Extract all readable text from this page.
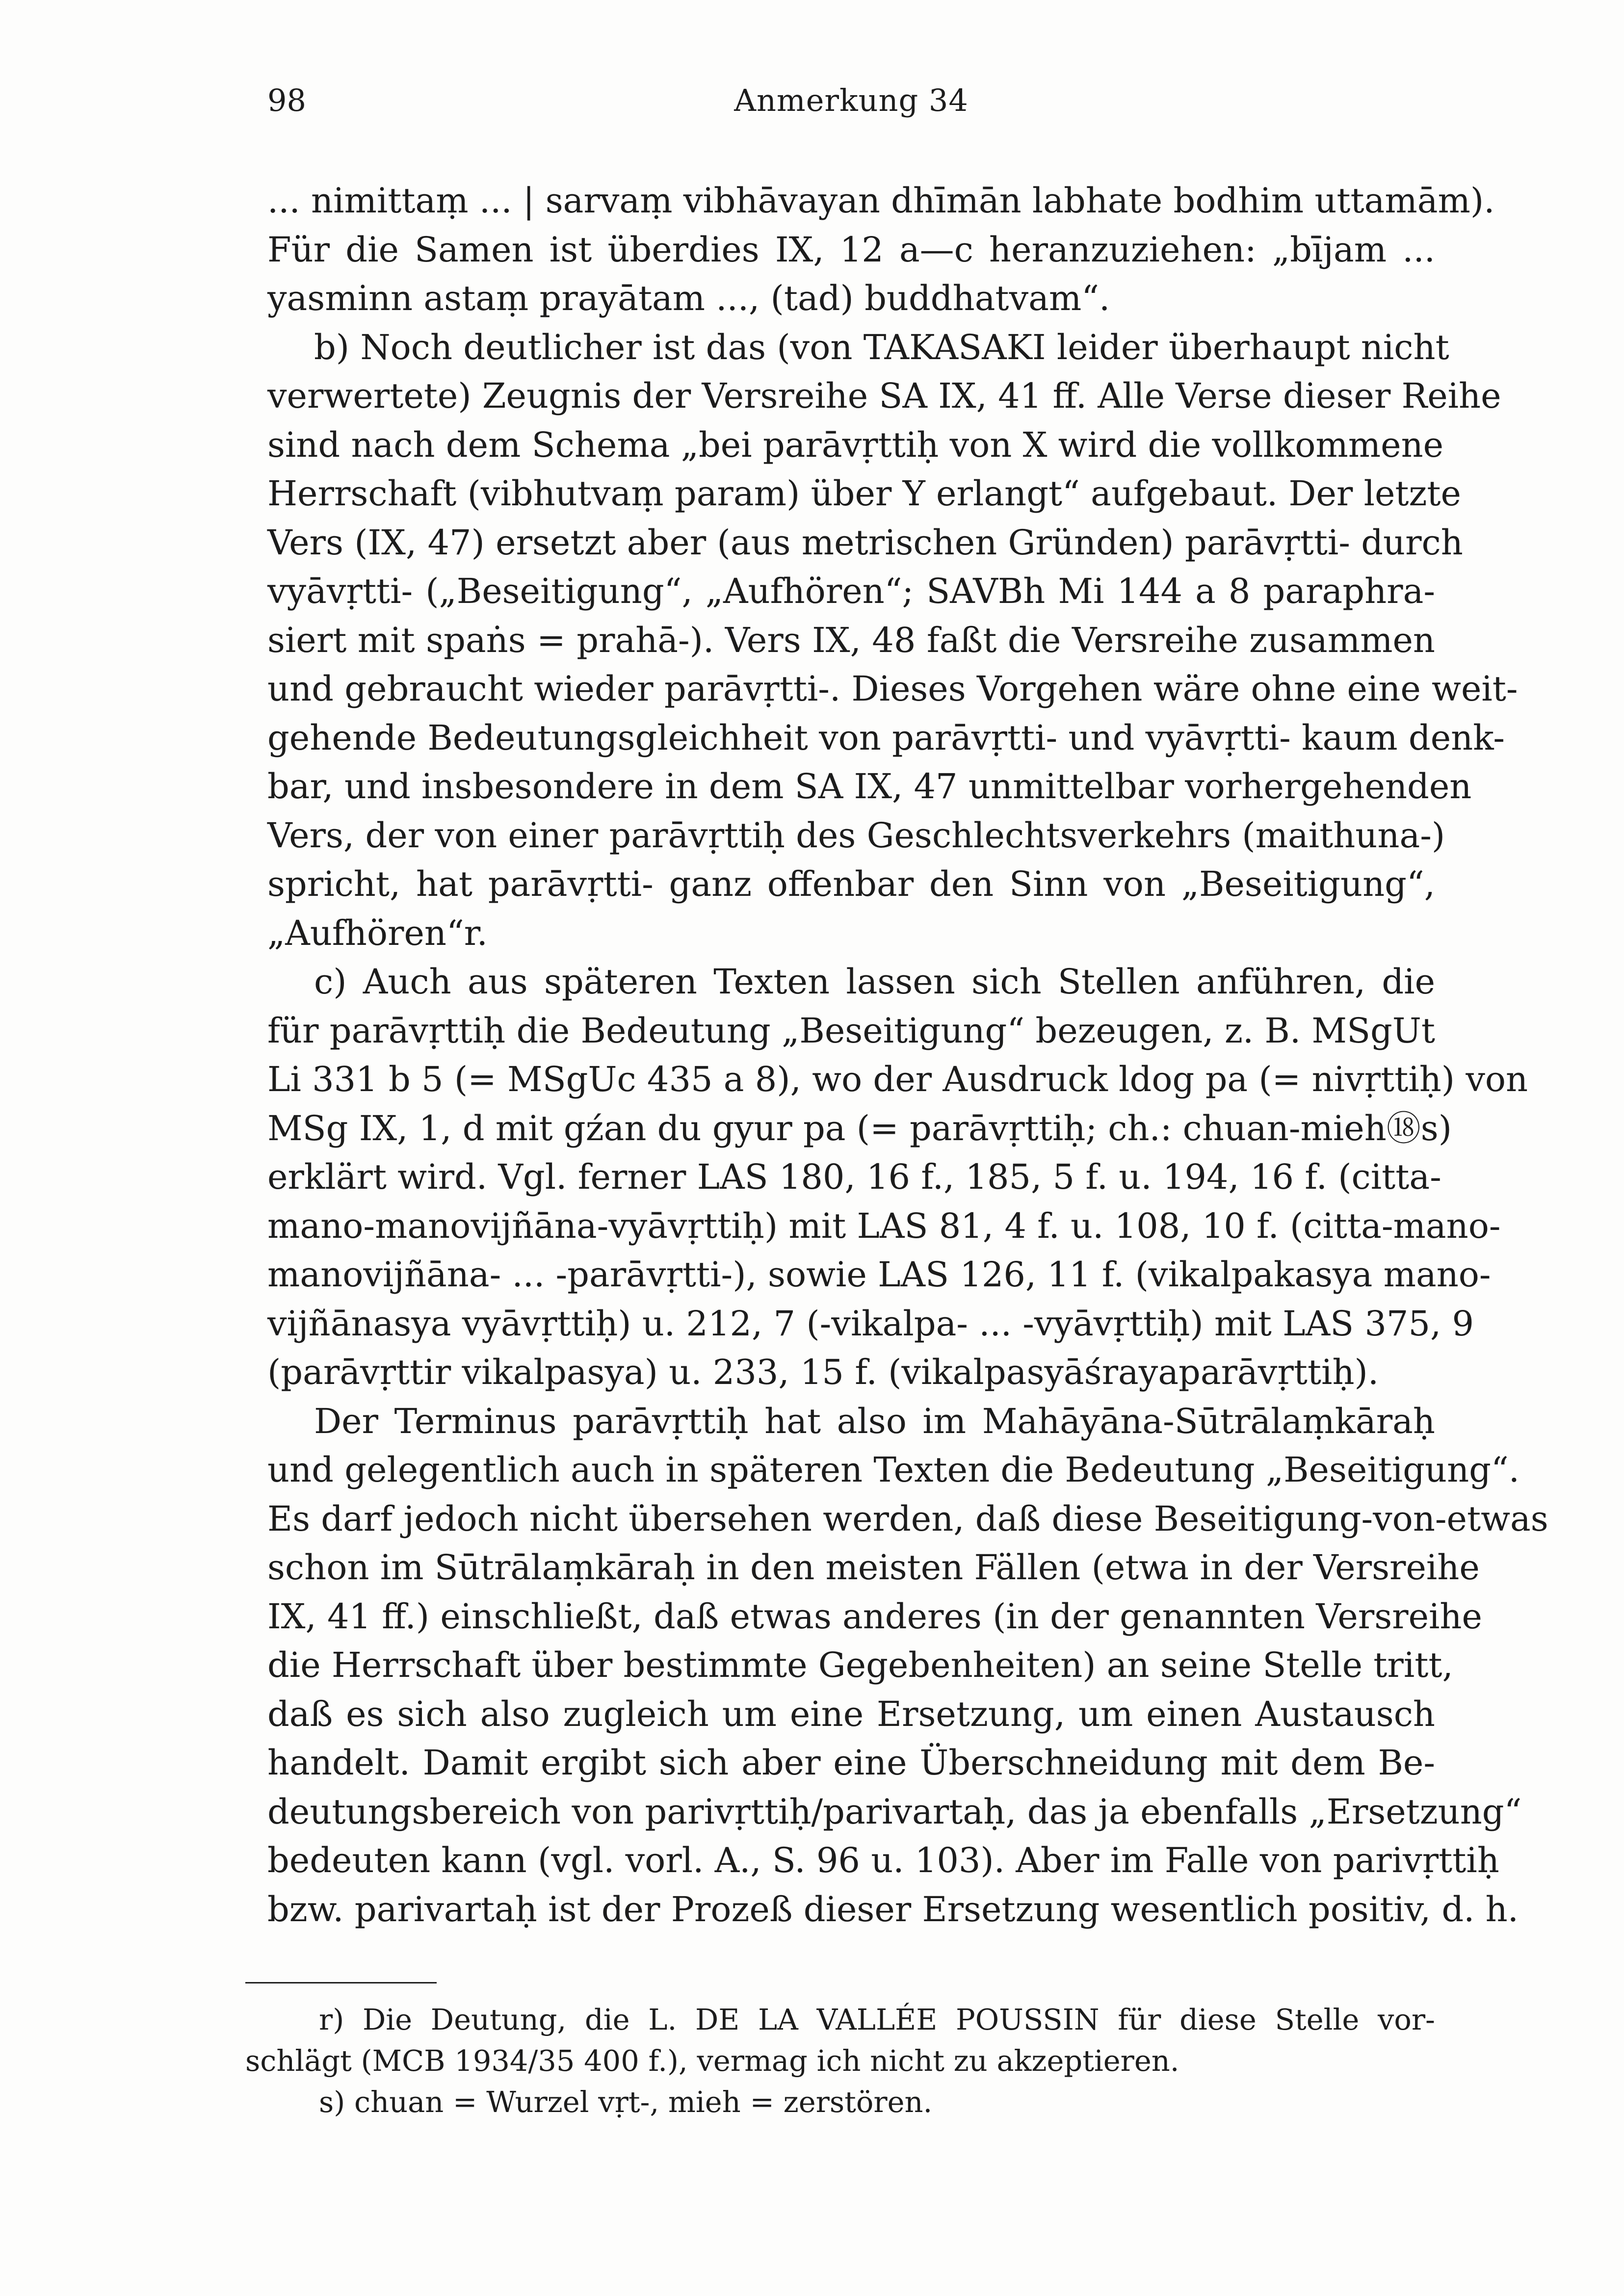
98	Anmerkung 34
... nimittaṃ ... | sarvaṃ vibhāvayan dhīmān labhate bodhim uttamām).
Für die Samen ist überdies IX, 12 a—c heranzuziehen: „bījam ...
yasminn astaṃ prayātam ..., (tad) buddhatvam“.
b) Noch deutlicher ist das (von TAKASAKI leider überhaupt nicht
verwertete) Zeugnis der Versreihe SA IX, 41 ff. Alle Verse dieser Reihe
sind nach dem Schema „bei parāvṛttiḥ von X wird die vollkommene
Herrschaft (vibhutvaṃ param) über Y erlangt“ aufgebaut. Der letzte
Vers (IX, 47) ersetzt aber (aus metrischen Gründen) parāvṛtti- durch
vyāvṛtti- („Beseitigung“, „Aufhören“; SAVBh Mi 144 a 8 paraphra-
siert mit spaṅs = prahā-). Vers IX, 48 faßt die Versreihe zusammen
und gebraucht wieder parāvṛtti-. Dieses Vorgehen wäre ohne eine weit-
gehende Bedeutungsgleichheit von parāvṛtti- und vyāvṛtti- kaum denk-
bar, und insbesondere in dem SA IX, 47 unmittelbar vorhergehenden
Vers, der von einer parāvṛttiḥ des Geschlechtsverkehrs (maithuna-)
spricht, hat parāvṛtti- ganz offenbar den Sinn von „Beseitigung“,
„Aufhören“r.
c) Auch aus späteren Texten lassen sich Stellen anführen, die
für parāvṛttiḥ die Bedeutung „Beseitigung“ bezeugen, z. B. MSgUt
Li 331 b 5 (= MSgUc 435 a 8), wo der Ausdruck ldog pa (= nivṛttiḥ) von
MSg IX, 1, d mit gźan du gyur pa (= parāvṛttiḥ; ch.: chuan-mieh⑱s)
erklärt wird. Vgl. ferner LAS 180, 16 f., 185, 5 f. u. 194, 16 f. (citta-
mano-manovijñāna-vyāvṛttiḥ) mit LAS 81, 4 f. u. 108, 10 f. (citta-mano-
manovijñāna- ... -parāvṛtti-), sowie LAS 126, 11 f. (vikalpakasya mano-
vijñānasya vyāvṛttiḥ) u. 212, 7 (-vikalpa- ... -vyāvṛttiḥ) mit LAS 375, 9
(parāvṛttir vikalpasya) u. 233, 15 f. (vikalpasyāśrayaparāvṛttiḥ).
Der Terminus parāvṛttiḥ hat also im Mahāyāna-Sūtrālaṃkāraḥ
und gelegentlich auch in späteren Texten die Bedeutung „Beseitigung“.
Es darf jedoch nicht übersehen werden, daß diese Beseitigung-von-etwas
schon im Sūtrālaṃkāraḥ in den meisten Fällen (etwa in der Versreihe
IX, 41 ff.) einschließt, daß etwas anderes (in der genannten Versreihe
die Herrschaft über bestimmte Gegebenheiten) an seine Stelle tritt,
daß es sich also zugleich um eine Ersetzung, um einen Austausch
handelt. Damit ergibt sich aber eine Überschneidung mit dem Be-
deutungsbereich von parivṛttiḥ/parivartaḥ, das ja ebenfalls „Ersetzung“
bedeuten kann (vgl. vorl. A., S. 96 u. 103). Aber im Falle von parivṛttiḥ
bzw. parivartaḥ ist der Prozeß dieser Ersetzung wesentlich positiv, d. h.
r) Die Deutung, die L. DE LA VALLÉE POUSSIN für diese Stelle vor-
schlägt (MCB 1934/35 400 f.), vermag ich nicht zu akzeptieren.
s) chuan = Wurzel vṛt-, mieh = zerstören.
